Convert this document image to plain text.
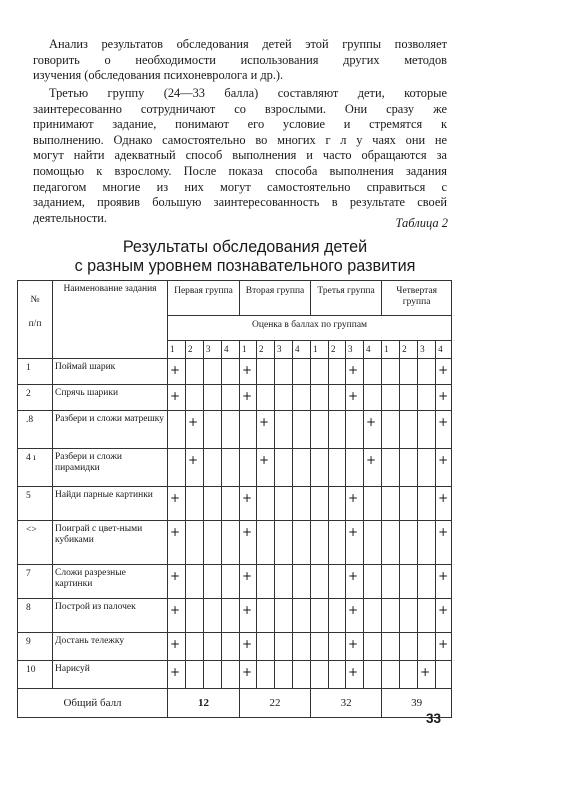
Анализ результатов обследования детей этой группы позволяет
говорить о необходимости использования других методов
изучения (обследования психоневролога и др.).

Третью группу (24—33 балла) составляют дети, которые
заинтересованно сотрудничают со взрослыми. Они сразу же
принимают задание, понимают его условие и стремятся к
выполнению. Однако самостоятельно во многих г л у чаях они не
могут найти адекватный способ выполнения и часто обращаются за
помощью к взрослому. После показа способа выполнения задания
педагогом многие из них могут самостоятельно справиться с
заданием, проявив большую заинтересованность в результате своей
деятельности.	Таблица 2
Результаты обследования детей
с разным уровнем познавательного развития
№
п/п	Наименование задания	Первая группа				Вторая группа				Третья группа				Четвертая группа			
		Оценка в баллах по группам															
		1	2	3	4	1	2	3	4	1	2	3	4	1	2	3	4
1	Поймай шарик	+				+						+					+
2	Спрячь шарики	+				+						+					+
.8	Разбери и сложи матрешку		+				+						+				+
4 ı	Разбери и сложи пирамидки		+				+						+				+
5	Найди парные картинки	+				+						+					+
<>	Поиграй с цвет-ными кубиками	+				+						+					+
7	Сложи разрезные картинки	+				+						+					+
8	Построй из палочек	+				+						+					+
9	Достань тележку	+				+						+					+
10	Нарисуй	+				+						+				+	
Общий балл		12				22				32				39			
33
